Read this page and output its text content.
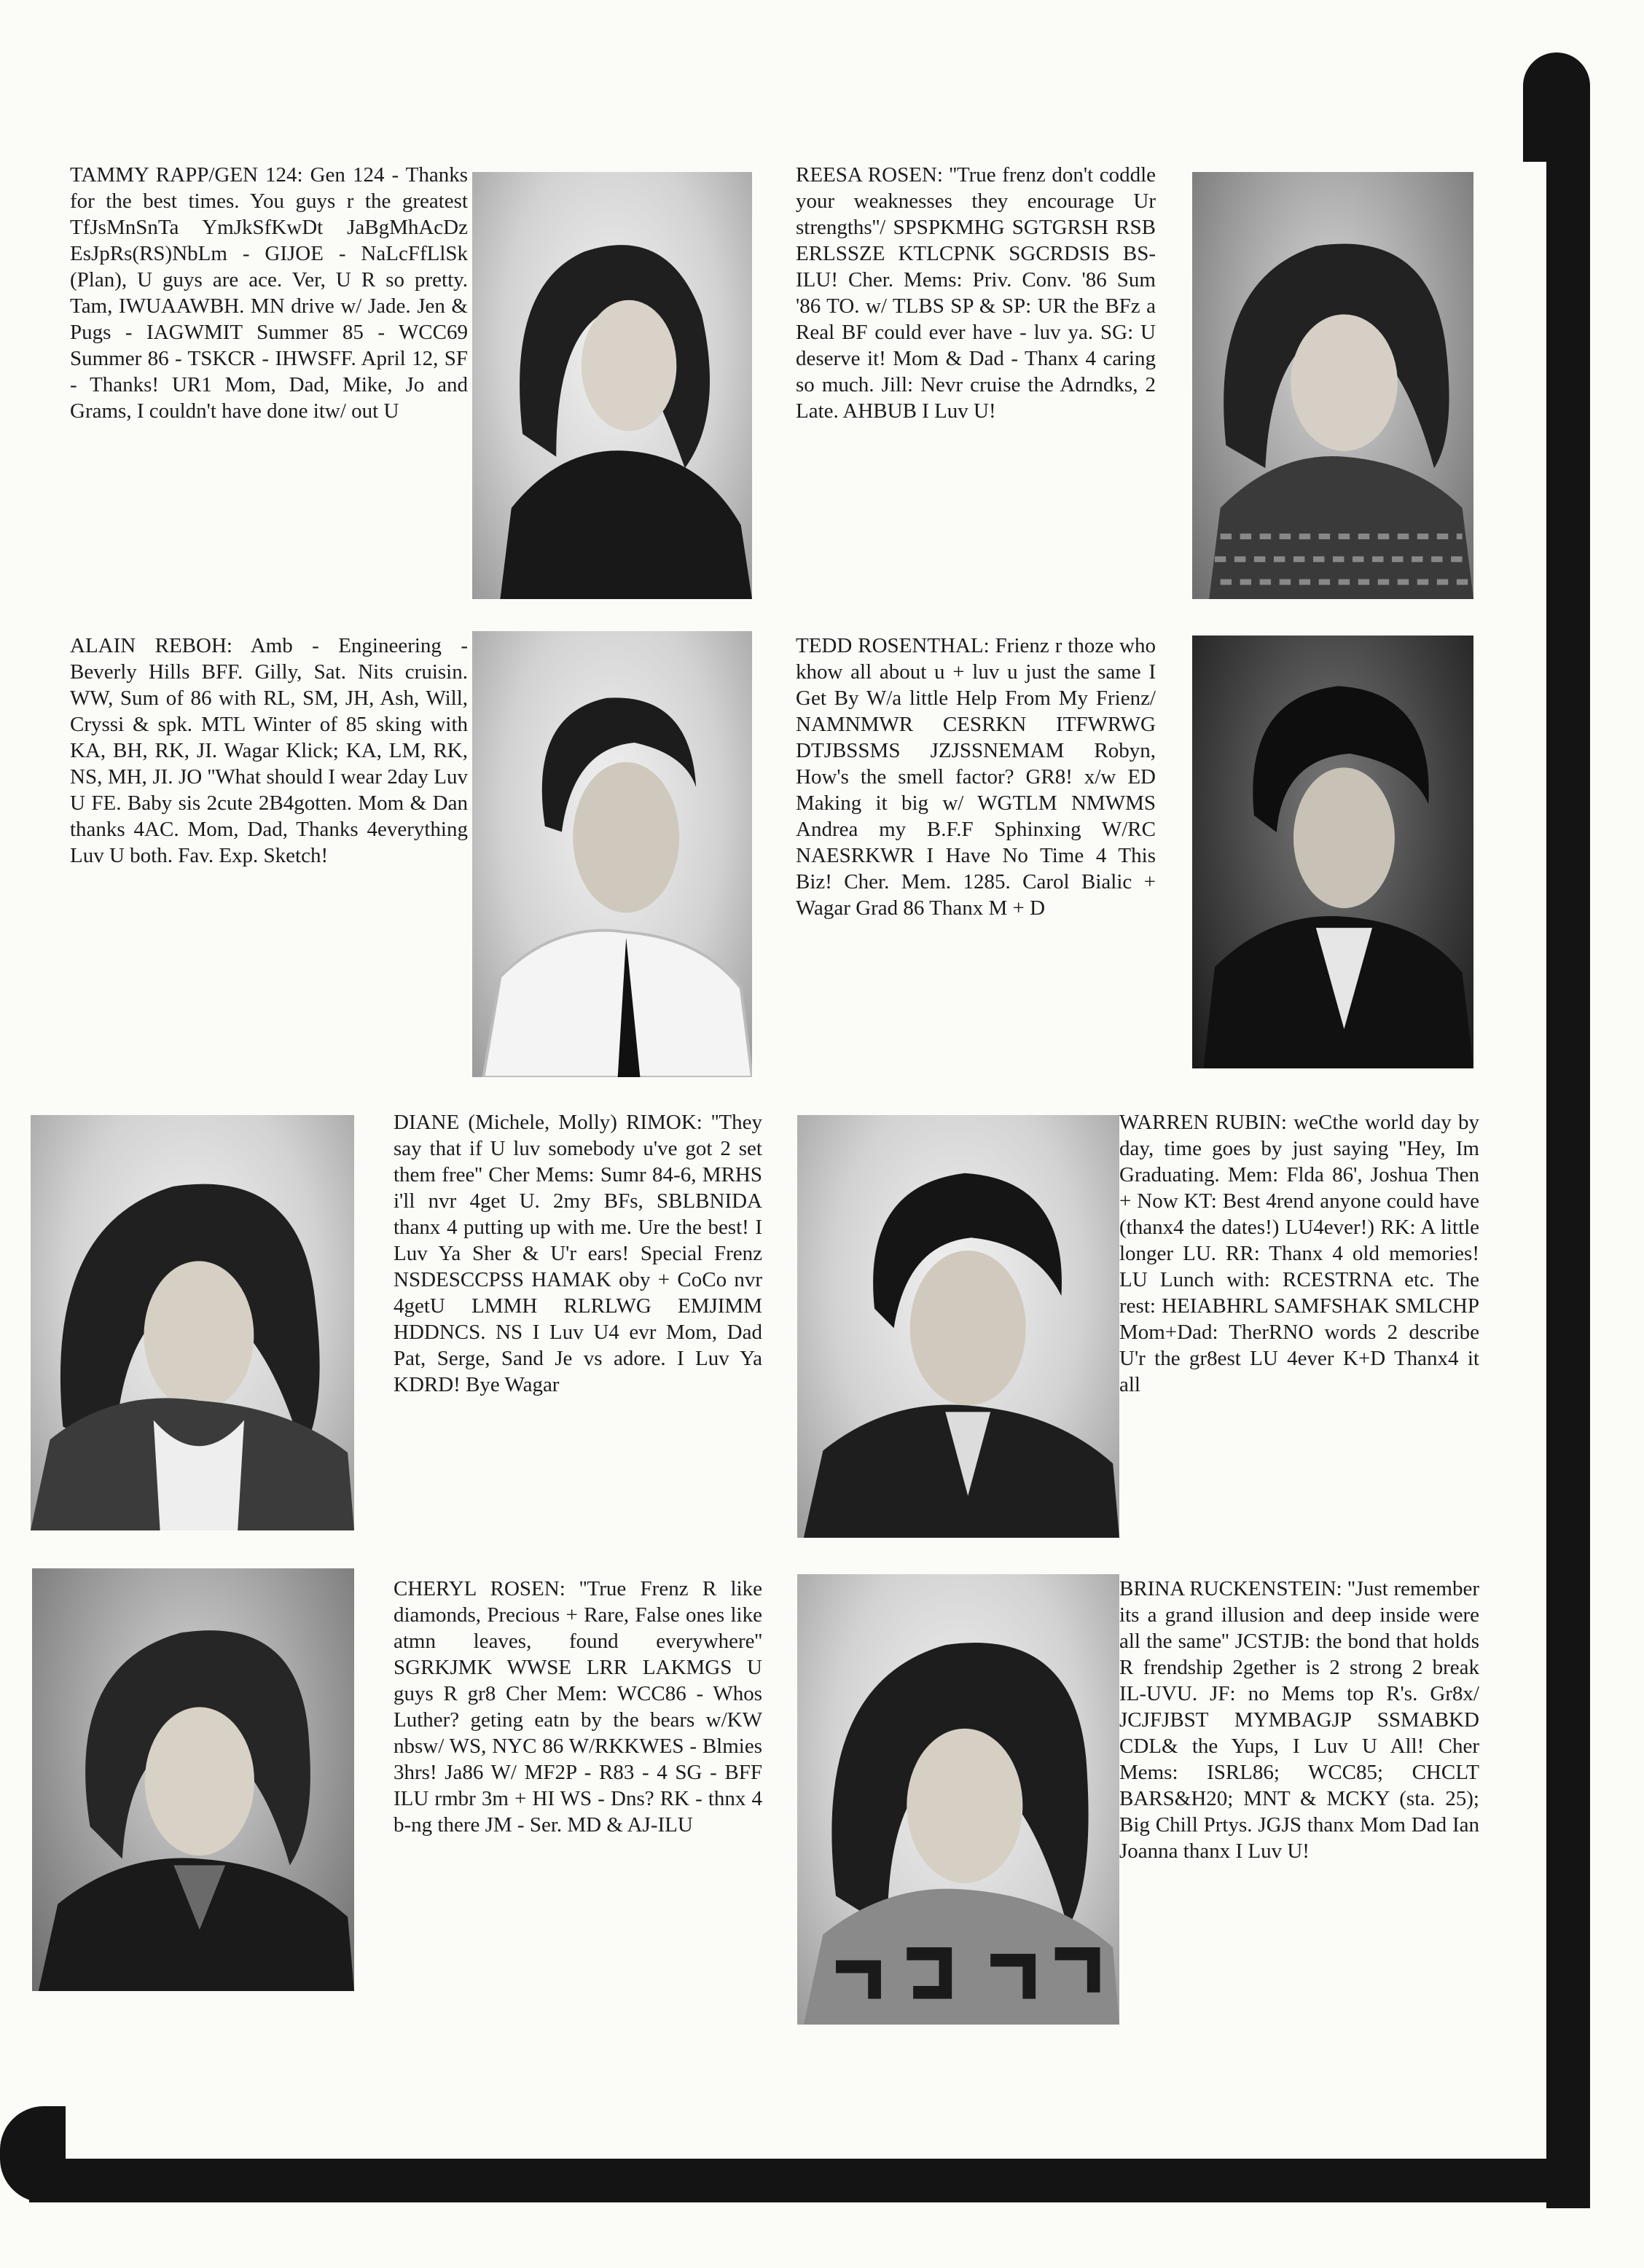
TAMMY RAPP/GEN 124: Gen 124 - Thanks for the best times. You guys r the greatest TfJsMnSnTa YmJkSfKwDt JaBgMhAcDz EsJpRs(RS)NbLm - GIJOE - NaLcFfLlSk (Plan), U guys are ace. Ver, U R so pretty. Tam, IWUAAWBH. MN drive w/ Jade. Jen & Pugs - IAGWMIT Summer 85 - WCC69 Summer 86 - TSKCR - IHWSFF. April 12, SF - Thanks! UR1 Mom, Dad, Mike, Jo and Grams, I couldn't have done itw/ out U
REESA ROSEN: ''True frenz don't coddle your weaknesses they encourage Ur strengths''/ SPSPKMHG SGTGRSH RSB ERLSSZE KTLCPNK SGCRDSIS BS-ILU! Cher. Mems: Priv. Conv. '86 Sum '86 TO. w/ TLBS SP & SP: UR the BFz a Real BF could ever have - luv ya. SG: U deserve it! Mom & Dad - Thanx 4 caring so much. Jill: Nevr cruise the Adrndks, 2 Late. AHBUB I Luv U!
ALAIN REBOH: Amb - Engineering - Beverly Hills BFF. Gilly, Sat. Nits cruisin. WW, Sum of 86 with RL, SM, JH, Ash, Will, Cryssi & spk. MTL Winter of 85 sking with KA, BH, RK, JI. Wagar Klick; KA, LM, RK, NS, MH, JI. JO ''What should I wear 2day Luv U FE. Baby sis 2cute 2B4gotten. Mom & Dan thanks 4AC. Mom, Dad, Thanks 4everything Luv U both. Fav. Exp. Sketch!
TEDD ROSENTHAL: Frienz r thoze who khow all about u + luv u just the same I Get By W/a little Help From My Frienz/ NAMNMWR CESRKN ITFWRWG DTJBSSMS JZJSSNEMAM Robyn, How's the smell factor? GR8! x/w ED Making it big w/ WGTLM NMWMS Andrea my B.F.F Sphinxing W/RC NAESRKWR I Have No Time 4 This Biz! Cher. Mem. 1285. Carol Bialic + Wagar Grad 86 Thanx M + D
DIANE (Michele, Molly) RIMOK: ''They say that if U luv somebody u've got 2 set them free'' Cher Mems: Sumr 84-6, MRHS i'll nvr 4get U. 2my BFs, SBLBNIDA thanx 4 putting up with me. Ure the best! I Luv Ya Sher & U'r ears! Special Frenz NSDESCCPSS HAMAK oby + CoCo nvr 4getU LMMH RLRLWG EMJIMM HDDNCS. NS I Luv U4 evr Mom, Dad Pat, Serge, Sand Je vs adore. I Luv Ya KDRD! Bye Wagar
WARREN RUBIN: weCthe world day by day, time goes by just saying ''Hey, Im Graduating. Mem: Flda 86', Joshua Then + Now KT: Best 4rend anyone could have (thanx4 the dates!) LU4ever!) RK: A little longer LU. RR: Thanx 4 old memories! LU Lunch with: RCESTRNA etc. The rest: HEIABHRL SAMFSHAK SMLCHP Mom+Dad: TherRNO words 2 describe U'r the gr8est LU 4ever K+D Thanx4 it all
CHERYL ROSEN: ''True Frenz R like diamonds, Precious + Rare, False ones like atmn leaves, found everywhere'' SGRKJMK WWSE LRR LAKMGS U guys R gr8 Cher Mem: WCC86 - Whos Luther? geting eatn by the bears w/KW nbsw/ WS, NYC 86 W/RKKWES - Blmies 3hrs! Ja86 W/ MF2P - R83 - 4 SG - BFF ILU rmbr 3m + HI WS - Dns? RK - thnx 4 b-ng there JM - Ser. MD & AJ-ILU
BRINA RUCKENSTEIN: ''Just remember its a grand illusion and deep inside were all the same'' JCSTJB: the bond that holds R frendship 2gether is 2 strong 2 break IL-UVU. JF: no Mems top R's. Gr8x/ JCJFJBST MYMBAGJP SSMABKD CDL& the Yups, I Luv U All! Cher Mems: ISRL86; WCC85; CHCLT BARS&H20; MNT & MCKY (sta. 25); Big Chill Prtys. JGJS thanx Mom Dad Ian Joanna thanx I Luv U!
